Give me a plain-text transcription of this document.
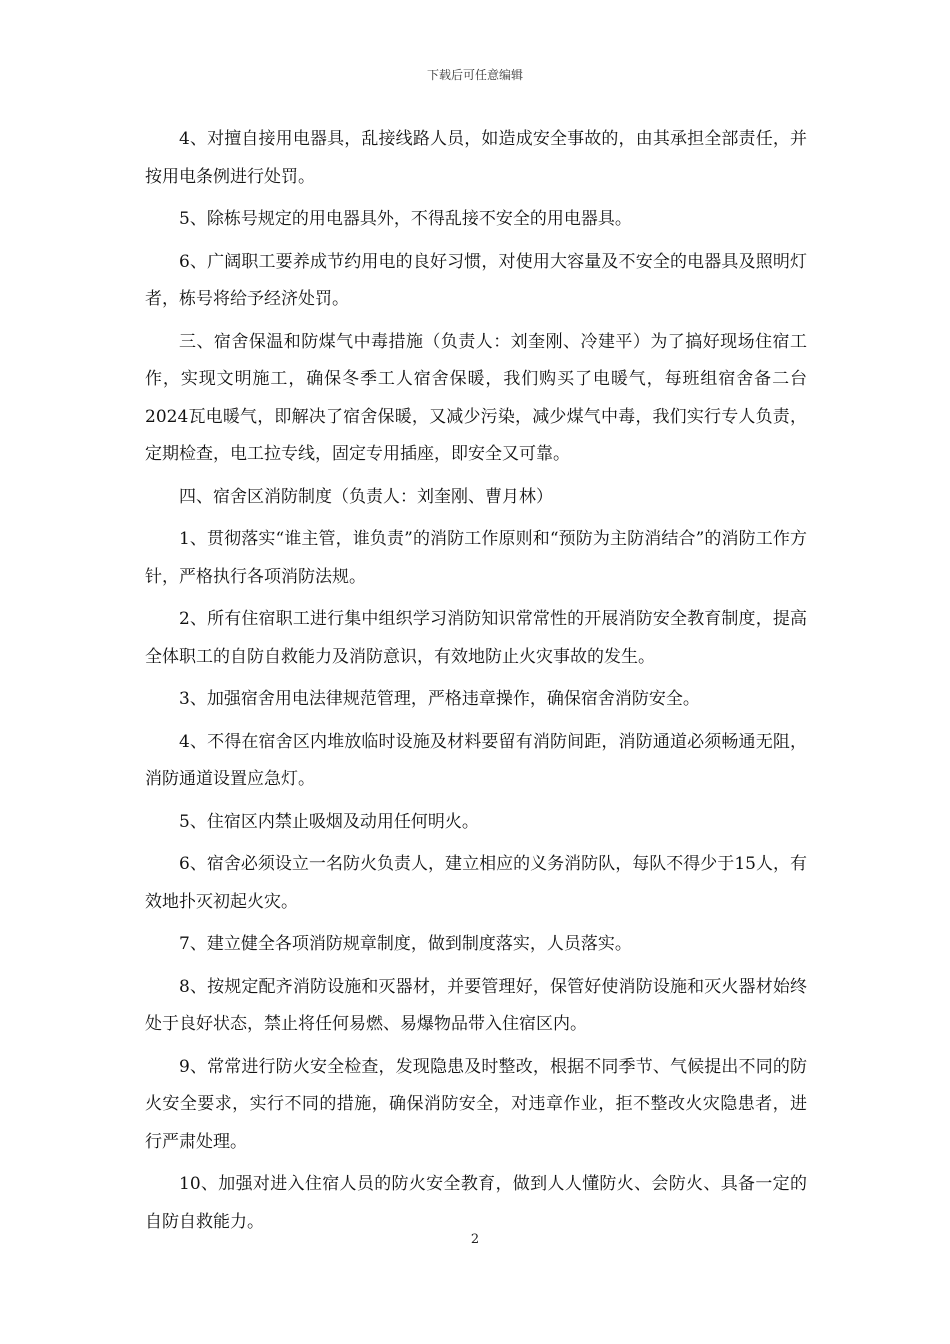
下载后可任意编辑

4、对擅自接用电器具，乱接线路人员，如造成安全事故的，由其承担全部责任，并按用电条例进行处罚。

5、除栋号规定的用电器具外，不得乱接不安全的用电器具。

6、广阔职工要养成节约用电的良好习惯，对使用大容量及不安全的电器具及照明灯者，栋号将给予经济处罚。

三、宿舍保温和防煤气中毒措施（负责人：刘奎刚、冷建平）为了搞好现场住宿工作，实现文明施工，确保冬季工人宿舍保暖，我们购买了电暖气，每班组宿舍备二台2024瓦电暖气，即解决了宿舍保暖，又减少污染，减少煤气中毒，我们实行专人负责，定期检查，电工拉专线，固定专用插座，即安全又可靠。

四、宿舍区消防制度（负责人：刘奎刚、曹月林）

1、贯彻落实“谁主管，谁负责”的消防工作原则和“预防为主防消结合”的消防工作方针，严格执行各项消防法规。

2、所有住宿职工进行集中组织学习消防知识常常性的开展消防安全教育制度，提高全体职工的自防自救能力及消防意识，有效地防止火灾事故的发生。

3、加强宿舍用电法律规范管理，严格违章操作，确保宿舍消防安全。

4、不得在宿舍区内堆放临时设施及材料要留有消防间距，消防通道必须畅通无阻，消防通道设置应急灯。

5、住宿区内禁止吸烟及动用任何明火。

6、宿舍必须设立一名防火负责人，建立相应的义务消防队，每队不得少于15人，有效地扑灭初起火灾。

7、建立健全各项消防规章制度，做到制度落实，人员落实。

8、按规定配齐消防设施和灭器材，并要管理好，保管好使消防设施和灭火器材始终处于良好状态，禁止将任何易燃、易爆物品带入住宿区内。

9、常常进行防火安全检查，发现隐患及时整改，根据不同季节、气候提出不同的防火安全要求，实行不同的措施，确保消防安全，对违章作业，拒不整改火灾隐患者，进行严肃处理。

10、加强对进入住宿人员的防火安全教育，做到人人懂防火、会防火、具备一定的自防自救能力。

2
